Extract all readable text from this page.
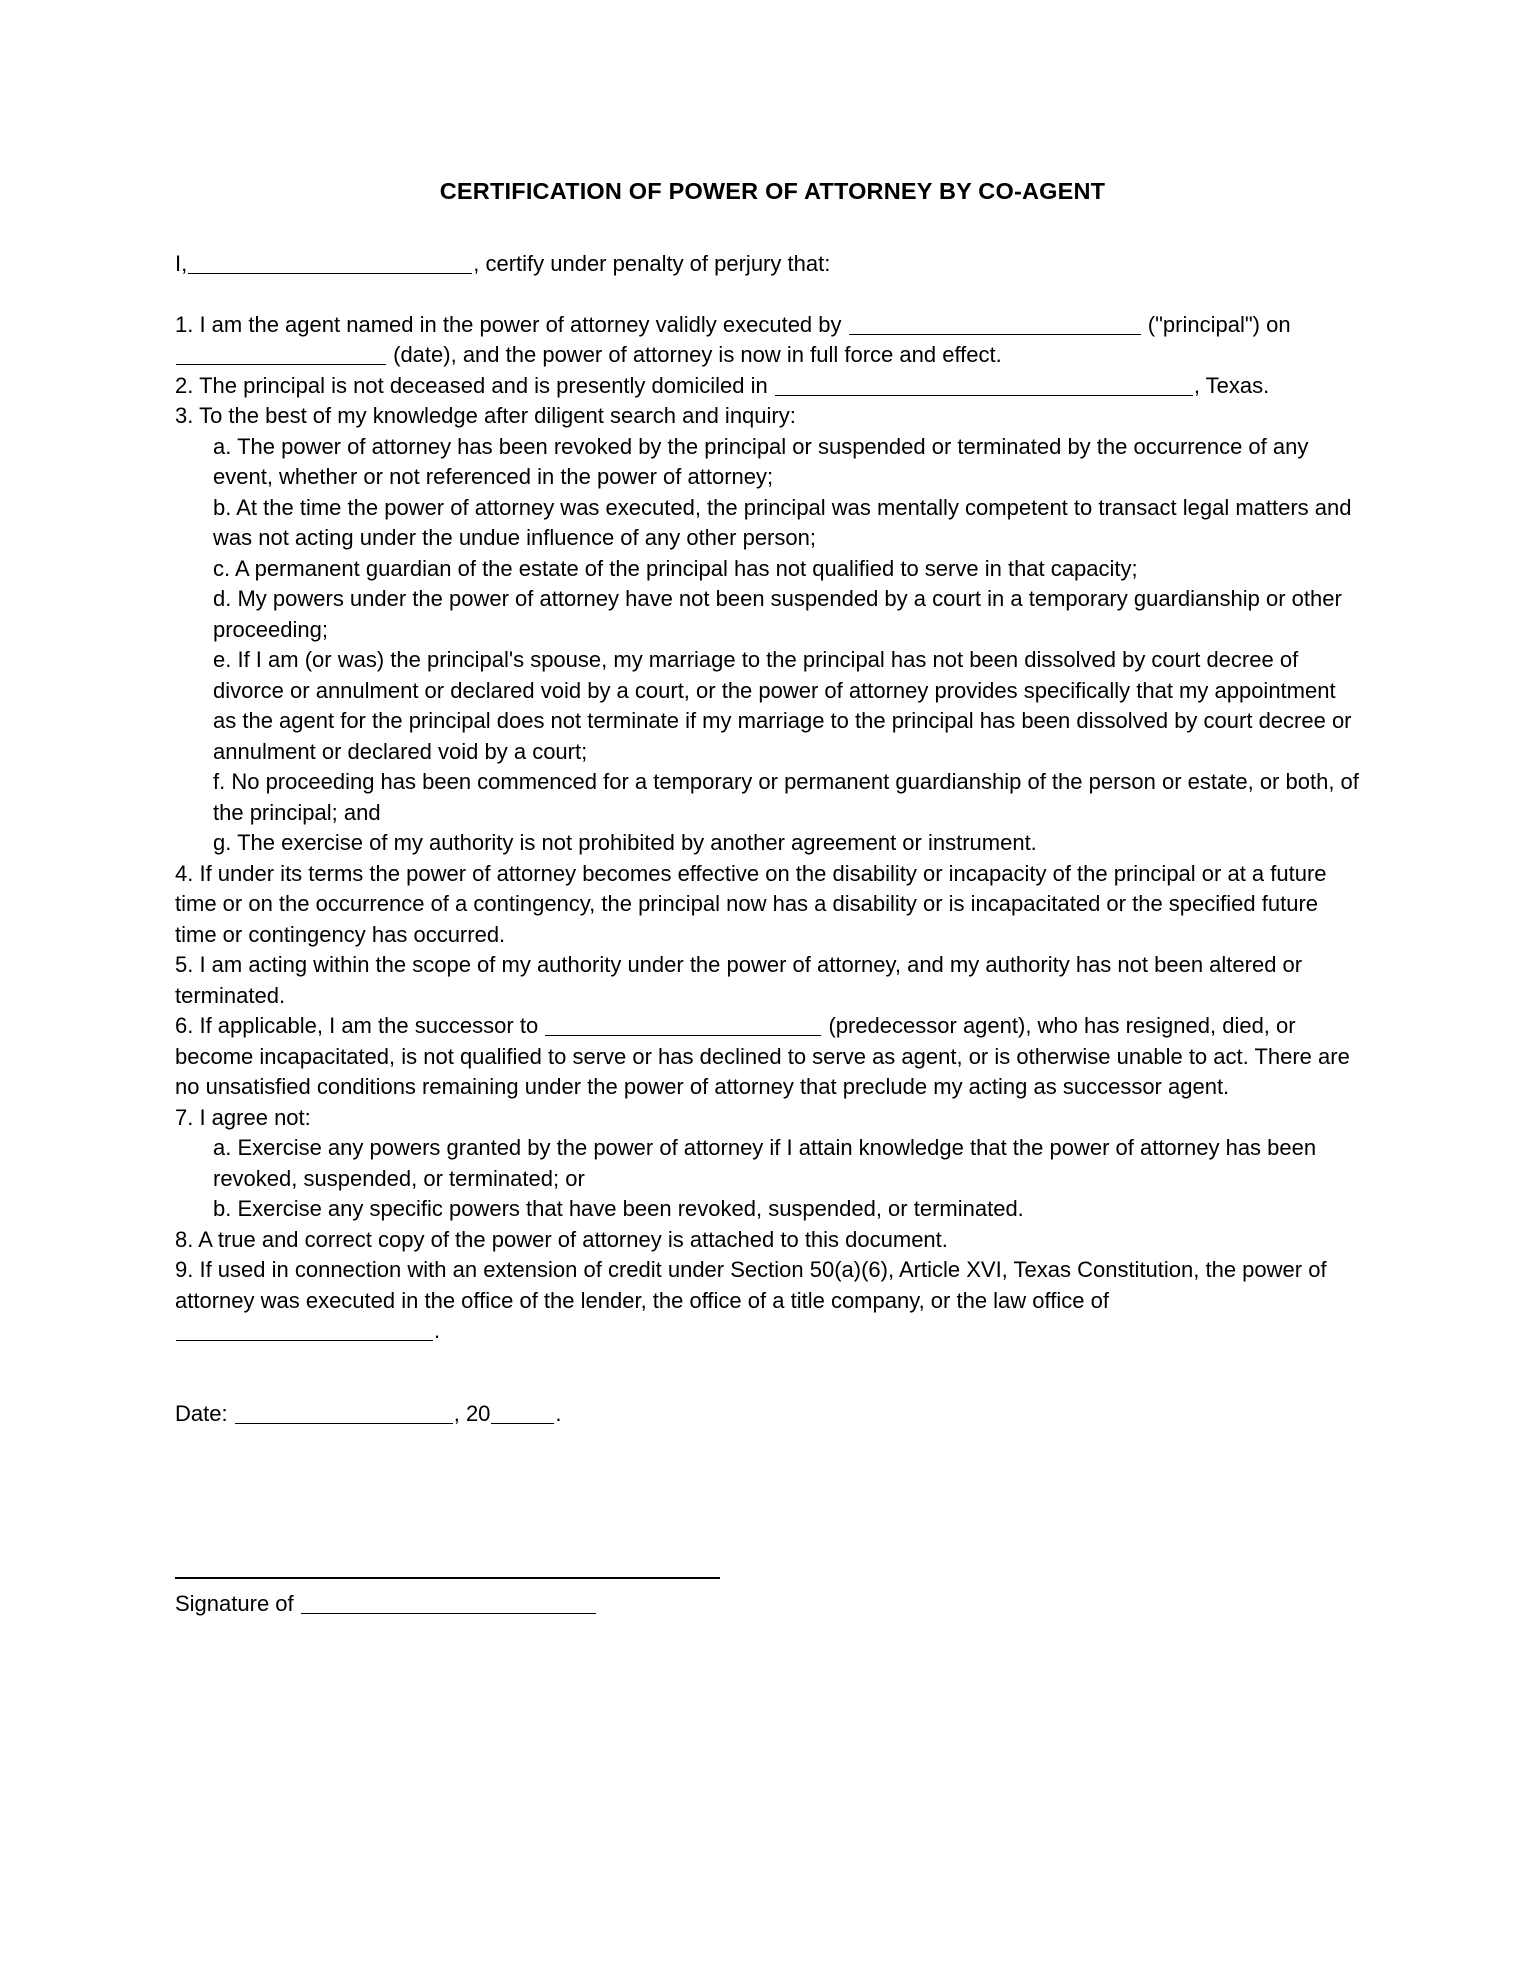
CERTIFICATION OF POWER OF ATTORNEY BY CO-AGENT

I,	, certify under penalty of perjury that:

1. I am the agent named in the power of attorney validly executed by	("principal") on  (date), and the power of attorney is now in full force and effect.

2. The principal is not deceased and is presently domiciled in	, Texas.

3. To the best of my knowledge after diligent search and inquiry:

a. The power of attorney has been revoked by the principal or suspended or terminated by the occurrence of any event, whether or not referenced in the power of attorney;

b. At the time the power of attorney was executed, the principal was mentally competent to transact legal matters and was not acting under the undue influence of any other person;

c. A permanent guardian of the estate of the principal has not qualified to serve in that capacity;

d. My powers under the power of attorney have not been suspended by a court in a temporary guardianship or other proceeding;

e. If I am (or was) the principal's spouse, my marriage to the principal has not been dissolved by court decree of divorce or annulment or declared void by a court, or the power of attorney provides specifically that my appointment as the agent for the principal does not terminate if my marriage to the principal has been dissolved by court decree or annulment or declared void by a court;

f. No proceeding has been commenced for a temporary or permanent guardianship of the person or estate, or both, of the principal; and

g. The exercise of my authority is not prohibited by another agreement or instrument.

4. If under its terms the power of attorney becomes effective on the disability or incapacity of the principal or at a future time or on the occurrence of a contingency, the principal now has a disability or is incapacitated or the specified future time or contingency has occurred.

5. I am acting within the scope of my authority under the power of attorney, and my authority has not been altered or terminated.

6. If applicable, I am the successor to	(predecessor agent), who has resigned, died, or become incapacitated, is not qualified to serve or has declined to serve as agent, or is otherwise unable to act. There are no unsatisfied conditions remaining under the power of attorney that preclude my acting as successor agent.

7. I agree not:

a. Exercise any powers granted by the power of attorney if I attain knowledge that the power of attorney has been revoked, suspended, or terminated; or

b. Exercise any specific powers that have been revoked, suspended, or terminated.

8. A true and correct copy of the power of attorney is attached to this document.

9. If used in connection with an extension of credit under Section 50(a)(6), Article XVI, Texas Constitution, the power of attorney was executed in the office of the lender, the office of a title company, or the law office of .

Date:	, 20	.

Signature of
